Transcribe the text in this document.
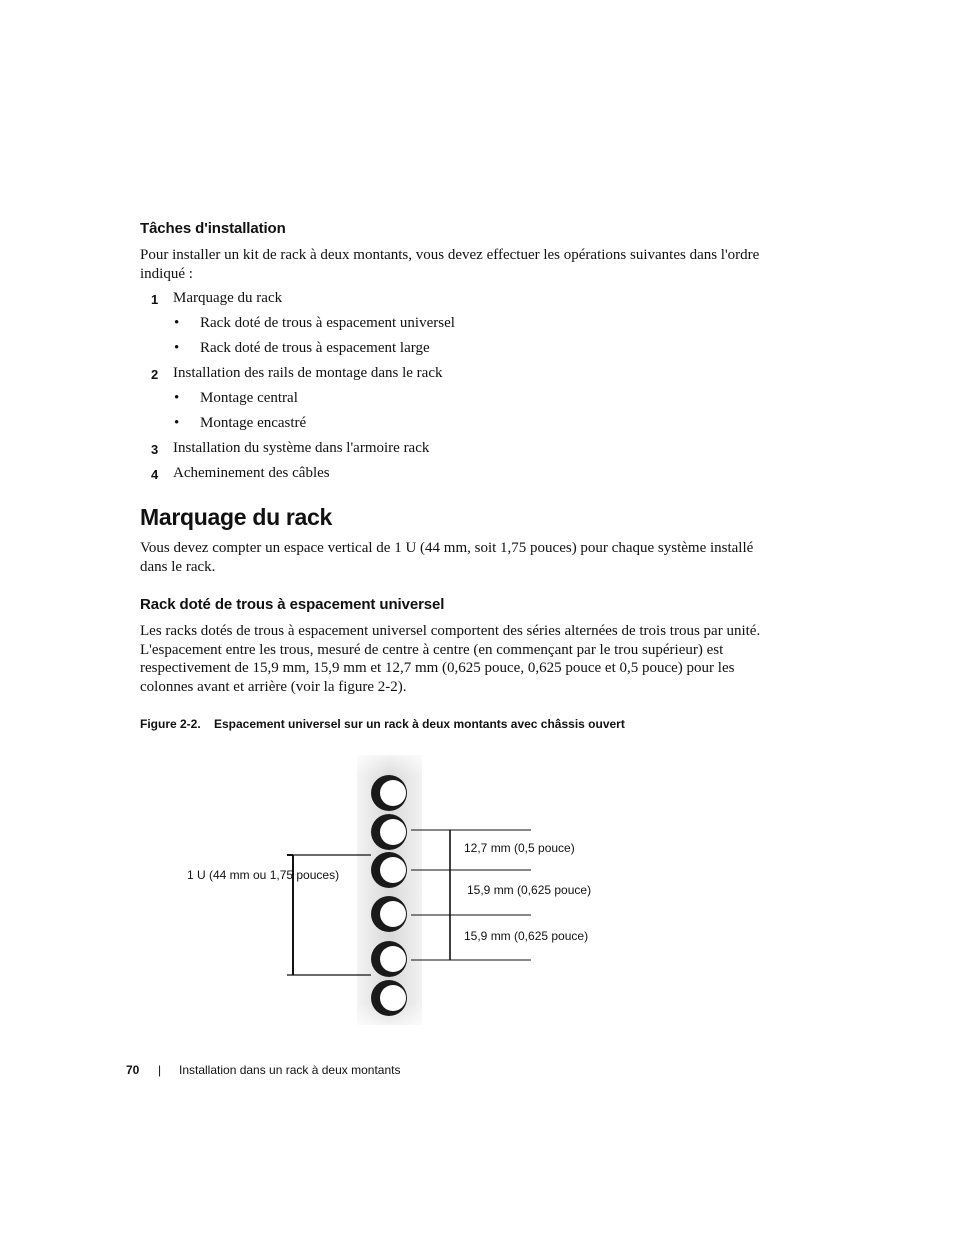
Tâches d'installation
Pour installer un kit de rack à deux montants, vous devez effectuer les opérations suivantes dans l'ordre
indiqué :
1 Marquage du rack
• Rack doté de trous à espacement universel
• Rack doté de trous à espacement large
2 Installation des rails de montage dans le rack
• Montage central
• Montage encastré
3 Installation du système dans l'armoire rack
4 Acheminement des câbles
Marquage du rack
Vous devez compter un espace vertical de 1 U (44 mm, soit 1,75 pouces) pour chaque système installé
dans le rack.
Rack doté de trous à espacement universel
Les racks dotés de trous à espacement universel comportent des séries alternées de trois trous par unité.
L'espacement entre les trous, mesuré de centre à centre (en commençant par le trou supérieur) est
respectivement de 15,9 mm, 15,9 mm et 12,7 mm (0,625 pouce, 0,625 pouce et 0,5 pouce) pour les
colonnes avant et arrière (voir la figure 2-2).
Figure 2-2. Espacement universel sur un rack à deux montants avec châssis ouvert
1 U (44 mm ou 1,75 pouces)
12,7 mm (0,5 pouce)
15,9 mm (0,625 pouce)
15,9 mm (0,625 pouce)
70 | Installation dans un rack à deux montants
